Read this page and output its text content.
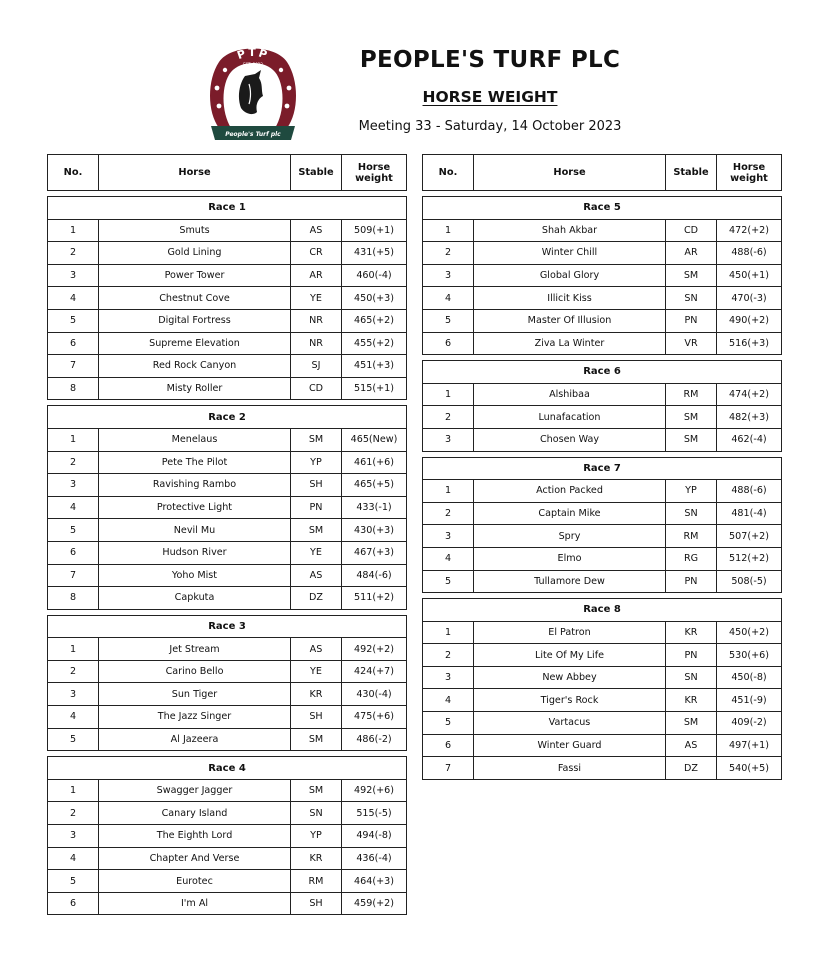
PTP
EST. 2022
People's Turf plc
PEOPLE'S TURF PLC
HORSE WEIGHT
Meeting 33 - Saturday, 14 October 2023
No.	Horse	Stable	Horse weight

Race 1			
1	Smuts	AS	509(+1)
2	Gold Lining	CR	431(+5)
3	Power Tower	AR	460(-4)
4	Chestnut Cove	YE	450(+3)
5	Digital Fortress	NR	465(+2)
6	Supreme Elevation	NR	455(+2)
7	Red Rock Canyon	SJ	451(+3)
8	Misty Roller	CD	515(+1)

Race 2			
1	Menelaus	SM	465(New)
2	Pete The Pilot	YP	461(+6)
3	Ravishing Rambo	SH	465(+5)
4	Protective Light	PN	433(-1)
5	Nevil Mu	SM	430(+3)
6	Hudson River	YE	467(+3)
7	Yoho Mist	AS	484(-6)
8	Capkuta	DZ	511(+2)

Race 3			
1	Jet Stream	AS	492(+2)
2	Carino Bello	YE	424(+7)
3	Sun Tiger	KR	430(-4)
4	The Jazz Singer	SH	475(+6)
5	Al Jazeera	SM	486(-2)

Race 4			
1	Swagger Jagger	SM	492(+6)
2	Canary Island	SN	515(-5)
3	The Eighth Lord	YP	494(-8)
4	Chapter And Verse	KR	436(-4)
5	Eurotec	RM	464(+3)
6	I'm Al	SH	459(+2)
No.	Horse	Stable	Horse weight

Race 5			
1	Shah Akbar	CD	472(+2)
2	Winter Chill	AR	488(-6)
3	Global Glory	SM	450(+1)
4	Illicit Kiss	SN	470(-3)
5	Master Of Illusion	PN	490(+2)
6	Ziva La Winter	VR	516(+3)

Race 6			
1	Alshibaa	RM	474(+2)
2	Lunafacation	SM	482(+3)
3	Chosen Way	SM	462(-4)

Race 7			
1	Action Packed	YP	488(-6)
2	Captain Mike	SN	481(-4)
3	Spry	RM	507(+2)
4	Elmo	RG	512(+2)
5	Tullamore Dew	PN	508(-5)

Race 8			
1	El Patron	KR	450(+2)
2	Lite Of My Life	PN	530(+6)
3	New Abbey	SN	450(-8)
4	Tiger's Rock	KR	451(-9)
5	Vartacus	SM	409(-2)
6	Winter Guard	AS	497(+1)
7	Fassi	DZ	540(+5)
